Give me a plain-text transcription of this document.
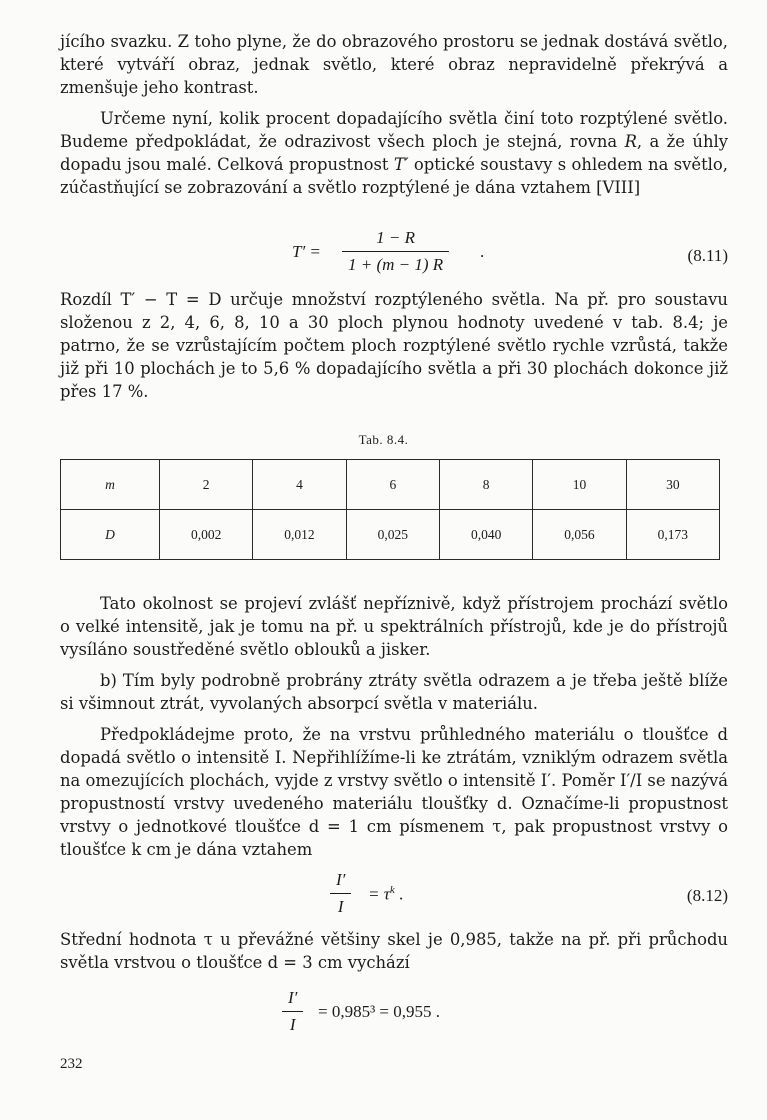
jícího svazku. Z toho plyne, že do obrazového prostoru se jednak dostává světlo, které vytváří obraz, jednak světlo, které obraz nepravidelně překrývá a zmenšuje jeho kontrast.

Určeme nyní, kolik procent dopadajícího světla činí toto rozptýlené světlo. Budeme předpokládat, že odrazivost všech ploch je stejná, rovna R, a že úhly dopadu jsou malé. Celková propustnost T′ optické soustavy s ohledem na světlo, zúčastňující se zobrazování a světlo rozptýlené je dána vztahem [VIII]

T′ =
1 − R
1 + (m − 1) R
.	(8.11)

Rozdíl T′ − T = D určuje množství rozptýleného světla. Na př. pro soustavu složenou z 2, 4, 6, 8, 10 a 30 ploch plynou hodnoty uvedené v tab. 8.4; je patrno, že se vzrůstajícím počtem ploch rozptýlené světlo rychle vzrůstá, takže již při 10 plochách je to 5,6 % dopadajícího světla a při 30 plochách dokonce již přes 17 %.

Tab. 8.4.
m	2	4	6	8	10	30
D	0,002	0,012	0,025	0,040	0,056	0,173

Tato okolnost se projeví zvlášť nepříznivě, když přístrojem prochází světlo o velké intensitě, jak je tomu na př. u spektrálních přístrojů, kde je do přístrojů vysíláno soustředěné světlo oblouků a jisker.

b) Tím byly podrobně probrány ztráty světla odrazem a je třeba ještě blíže si všimnout ztrát, vyvolaných absorpcí světla v materiálu.

Předpokládejme proto, že na vrstvu průhledného materiálu o tloušťce d dopadá světlo o intensitě I. Nepřihlížíme-li ke ztrátám, vzniklým odrazem světla na omezujících plochách, vyjde z vrstvy světlo o intensitě I′. Poměr I′/I se nazývá propustností vrstvy uvedeného materiálu tloušťky d. Označíme-li propustnost vrstvy o jednotkové tloušťce d = 1 cm písmenem τ, pak propustnost vrstvy o tloušťce k cm je dána vztahem

I′
I
= $\tau^k$ .	(8.12)

Střední hodnota τ u převážné většiny skel je 0,985, takže na př. při průchodu světla vrstvou o tloušťce d = 3 cm vychází

I′
I
= 0,985³ = 0,955 .
232
